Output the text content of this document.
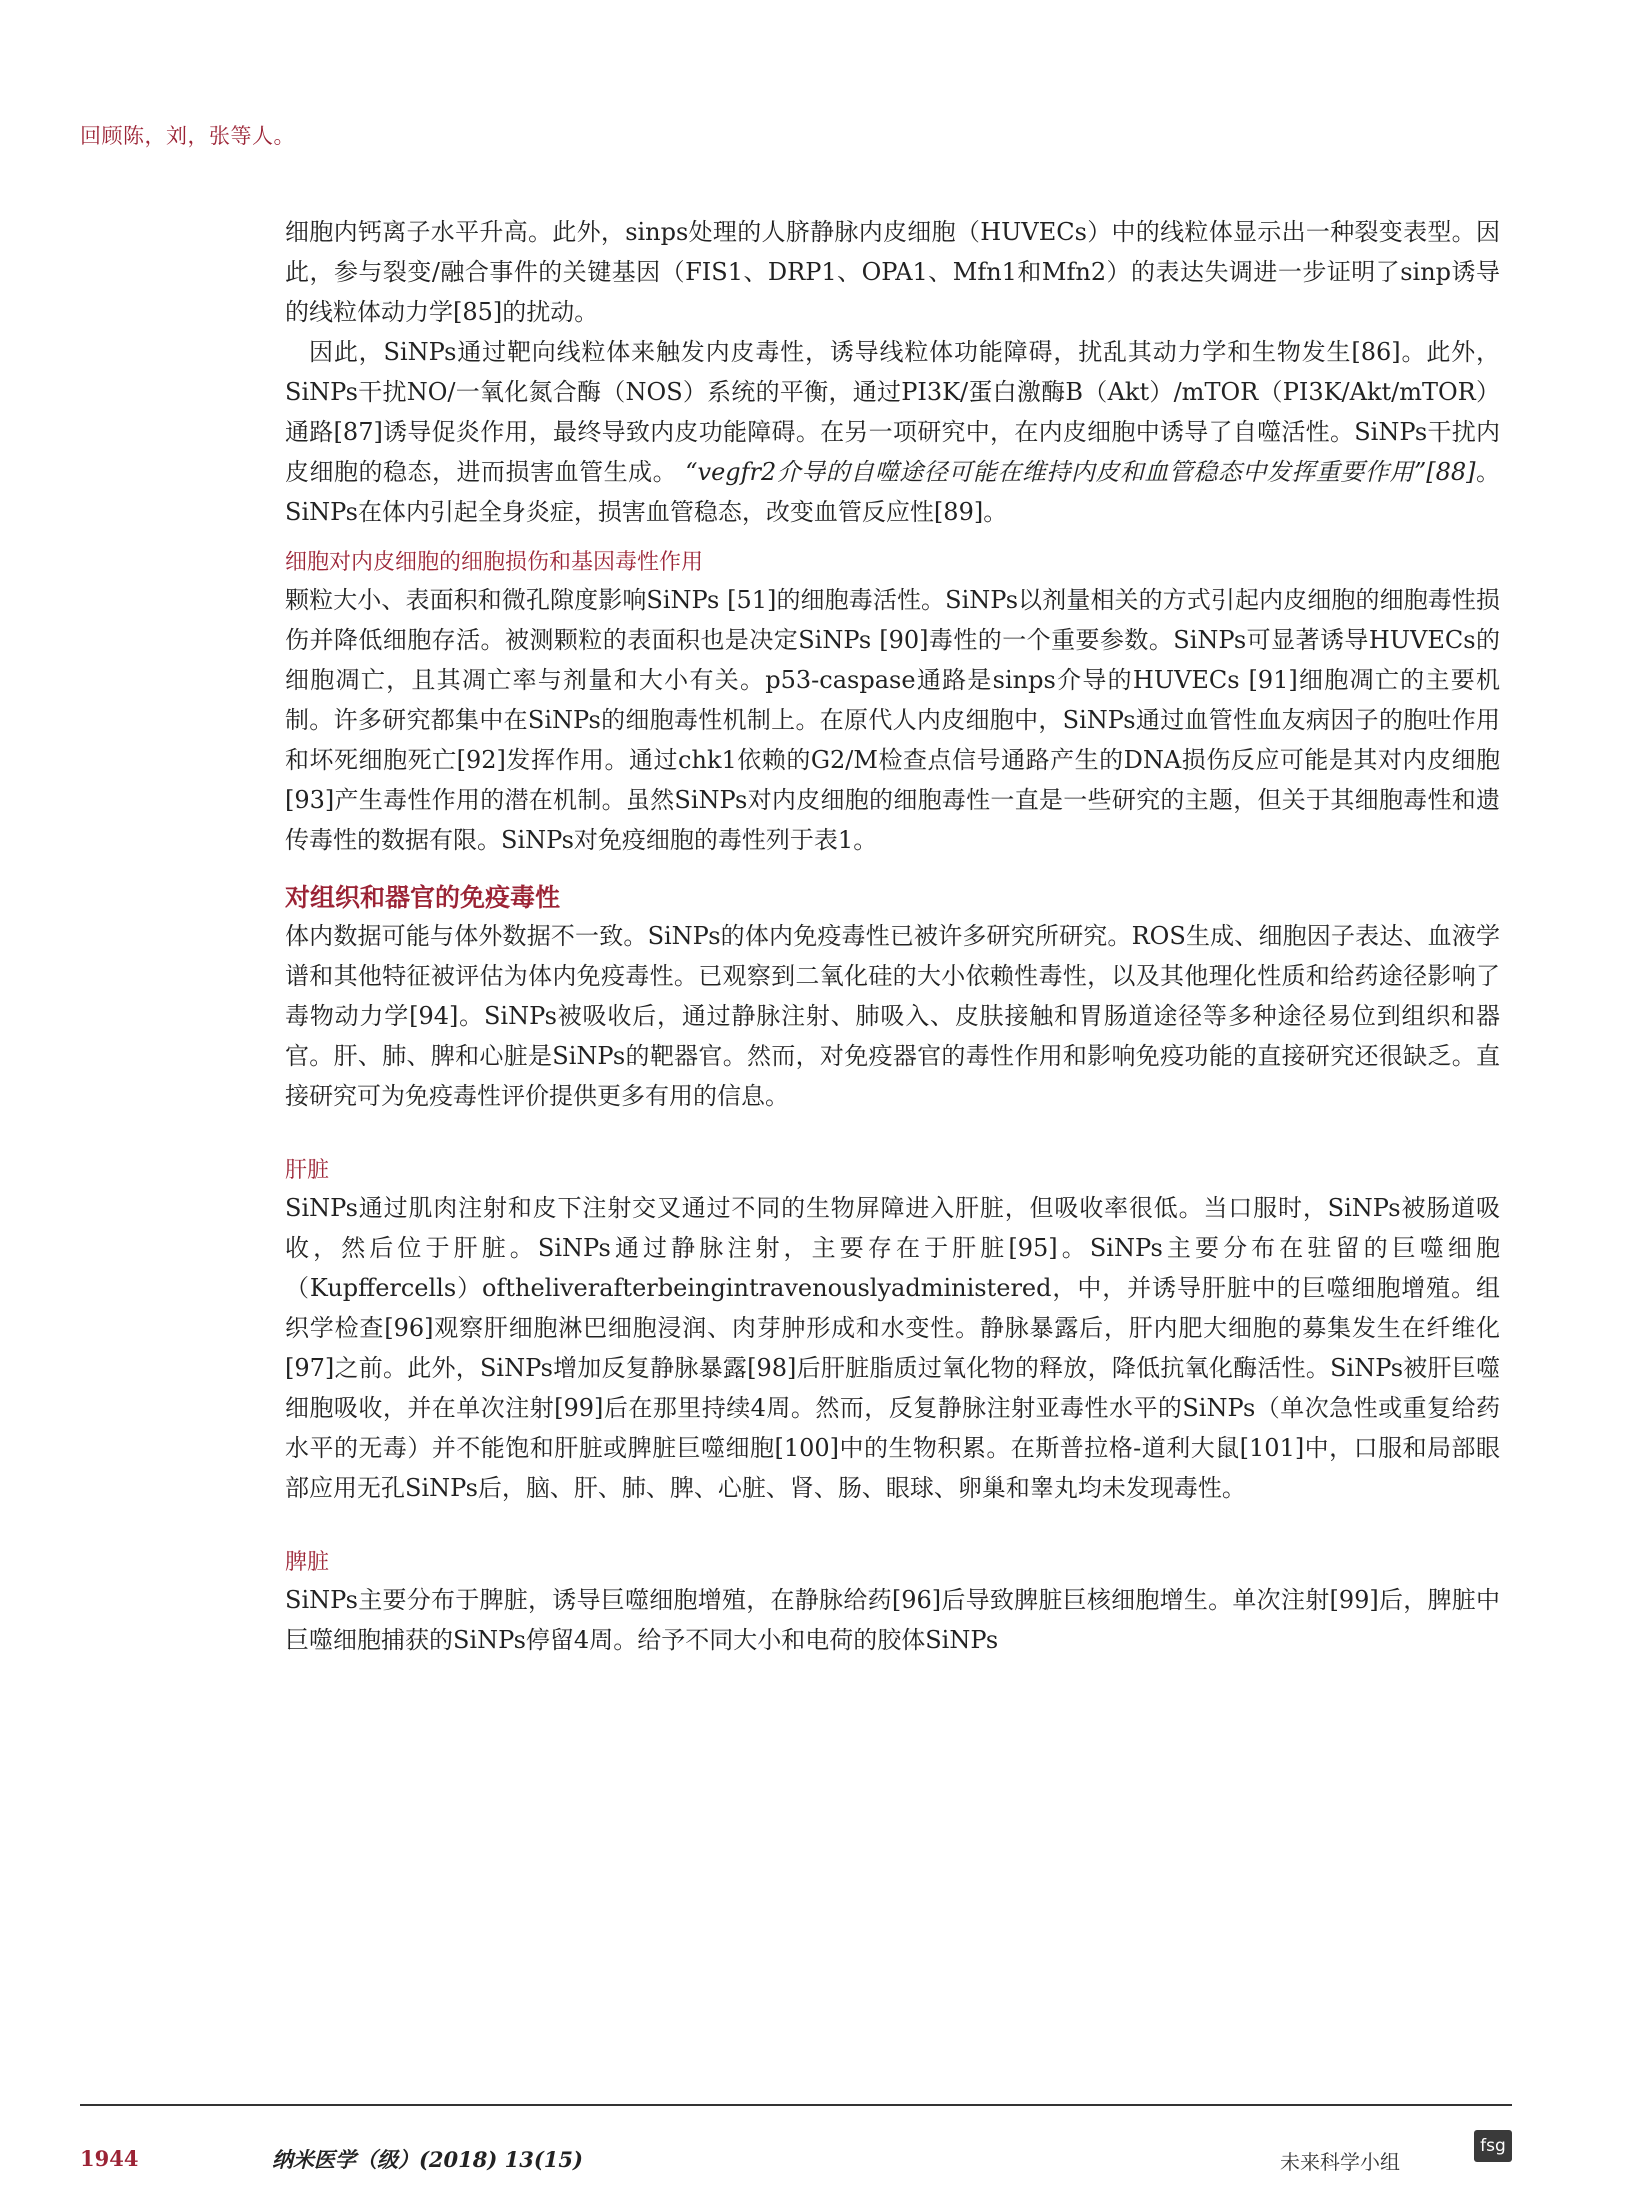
回顾陈，刘，张等人。

细胞内钙离子水平升高。此外，sinps处理的人脐静脉内皮细胞（HUVECs）中的线粒体显示出一种裂变表型。因此，参与裂变/融合事件的关键基因（FIS1、DRP1、OPA1、Mfn1和Mfn2）的表达失调进一步证明了sinp诱导的线粒体动力学[85]的扰动。

因此，SiNPs通过靶向线粒体来触发内皮毒性，诱导线粒体功能障碍，扰乱其动力学和生物发生[86]。此外，SiNPs干扰NO/一氧化氮合酶（NOS）系统的平衡，通过PI3K/蛋白激酶B（Akt）/mTOR（PI3K/Akt/mTOR）通路[87]诱导促炎作用，最终导致内皮功能障碍。在另一项研究中，在内皮细胞中诱导了自噬活性。SiNPs干扰内皮细胞的稳态，进而损害血管生成。 “vegfr2介导的自噬途径可能在维持内皮和血管稳态中发挥重要作用”[88]。SiNPs在体内引起全身炎症，损害血管稳态，改变血管反应性[89]。

细胞对内皮细胞的细胞损伤和基因毒性作用

颗粒大小、表面积和微孔隙度影响SiNPs [51]的细胞毒活性。SiNPs以剂量相关的方式引起内皮细胞的细胞毒性损伤并降低细胞存活。被测颗粒的表面积也是决定SiNPs [90]毒性的一个重要参数。SiNPs可显著诱导HUVECs的细胞凋亡，且其凋亡率与剂量和大小有关。p53-caspase通路是sinps介导的HUVECs [91]细胞凋亡的主要机制。许多研究都集中在SiNPs的细胞毒性机制上。在原代人内皮细胞中，SiNPs通过血管性血友病因子的胞吐作用和坏死细胞死亡[92]发挥作用。通过chk1依赖的G2/M检查点信号通路产生的DNA损伤反应可能是其对内皮细胞[93]产生毒性作用的潜在机制。虽然SiNPs对内皮细胞的细胞毒性一直是一些研究的主题，但关于其细胞毒性和遗传毒性的数据有限。SiNPs对免疫细胞的毒性列于表1。

对组织和器官的免疫毒性

体内数据可能与体外数据不一致。SiNPs的体内免疫毒性已被许多研究所研究。ROS生成、细胞因子表达、血液学谱和其他特征被评估为体内免疫毒性。已观察到二氧化硅的大小依赖性毒性，以及其他理化性质和给药途径影响了毒物动力学[94]。SiNPs被吸收后，通过静脉注射、肺吸入、皮肤接触和胃肠道途径等多种途径易位到组织和器官。肝、肺、脾和心脏是SiNPs的靶器官。然而，对免疫器官的毒性作用和影响免疫功能的直接研究还很缺乏。直接研究可为免疫毒性评价提供更多有用的信息。

肝脏

SiNPs通过肌肉注射和皮下注射交叉通过不同的生物屏障进入肝脏，但吸收率很低。当口服时，SiNPs被肠道吸收，然后位于肝脏。SiNPs通过静脉注射，主要存在于肝脏[95]。SiNPs主要分布在驻留的巨噬细胞（Kupffercells）oftheliverafterbeingintravenouslyadministered，中，并诱导肝脏中的巨噬细胞增殖。组织学检查[96]观察肝细胞淋巴细胞浸润、肉芽肿形成和水变性。静脉暴露后，肝内肥大细胞的募集发生在纤维化[97]之前。此外，SiNPs增加反复静脉暴露[98]后肝脏脂质过氧化物的释放，降低抗氧化酶活性。SiNPs被肝巨噬细胞吸收，并在单次注射[99]后在那里持续4周。然而，反复静脉注射亚毒性水平的SiNPs（单次急性或重复给药水平的无毒）并不能饱和肝脏或脾脏巨噬细胞[100]中的生物积累。在斯普拉格-道利大鼠[101]中，口服和局部眼部应用无孔SiNPs后，脑、肝、肺、脾、心脏、肾、肠、眼球、卵巢和睾丸均未发现毒性。

脾脏

SiNPs主要分布于脾脏，诱导巨噬细胞增殖，在静脉给药[96]后导致脾脏巨核细胞增生。单次注射[99]后，脾脏中巨噬细胞捕获的SiNPs停留4周。给予不同大小和电荷的胶体SiNPs

1944	纳米医学（级）(2018) 13(15)	未来科学小组
fsg
